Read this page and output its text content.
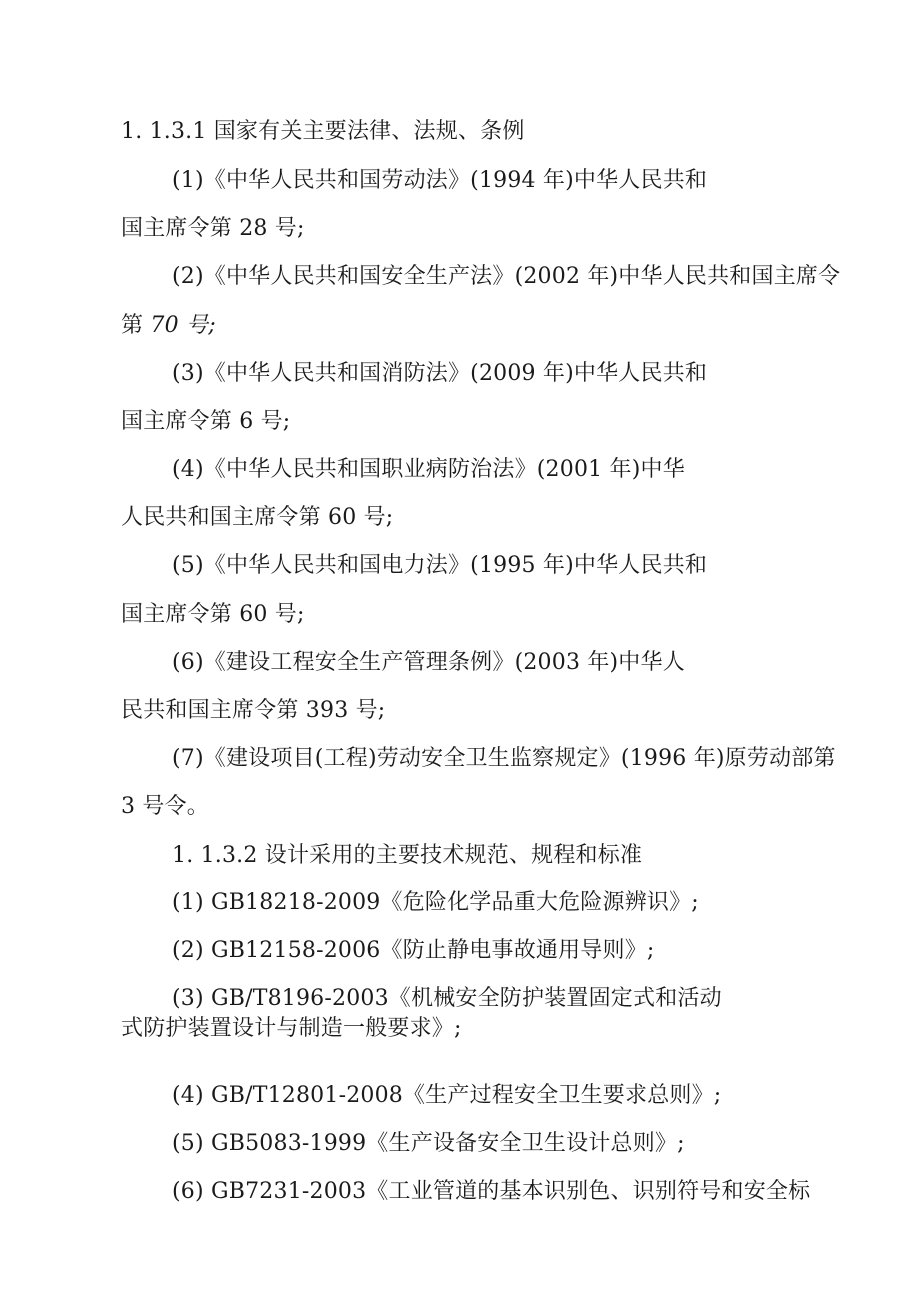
1. 1.3.1 国家有关主要法律、法规、条例
(1)《中华人民共和国劳动法》(1994 年)中华人民共和
国主席令第 28 号;
(2)《中华人民共和国安全生产法》(2002 年)中华人民共和国主席令
第 70 号;
(3)《中华人民共和国消防法》(2009 年)中华人民共和
国主席令第 6 号;
(4)《中华人民共和国职业病防治法》(2001 年)中华
人民共和国主席令第 60 号;
(5)《中华人民共和国电力法》(1995 年)中华人民共和
国主席令第 60 号;
(6)《建设工程安全生产管理条例》(2003 年)中华人
民共和国主席令第 393 号;
(7)《建设项目(工程)劳动安全卫生监察规定》(1996 年)原劳动部第
3 号令。
1. 1.3.2 设计采用的主要技术规范、规程和标准
(1) GB18218-2009《危险化学品重大危险源辨识》;
(2) GB12158-2006《防止静电事故通用导则》;
(3) GB/T8196-2003《机械安全防护装置固定式和活动
式防护装置设计与制造一般要求》;
(4) GB/T12801-2008《生产过程安全卫生要求总则》;
(5) GB5083-1999《生产设备安全卫生设计总则》;
(6) GB7231-2003《工业管道的基本识别色、识别符号和安全标
